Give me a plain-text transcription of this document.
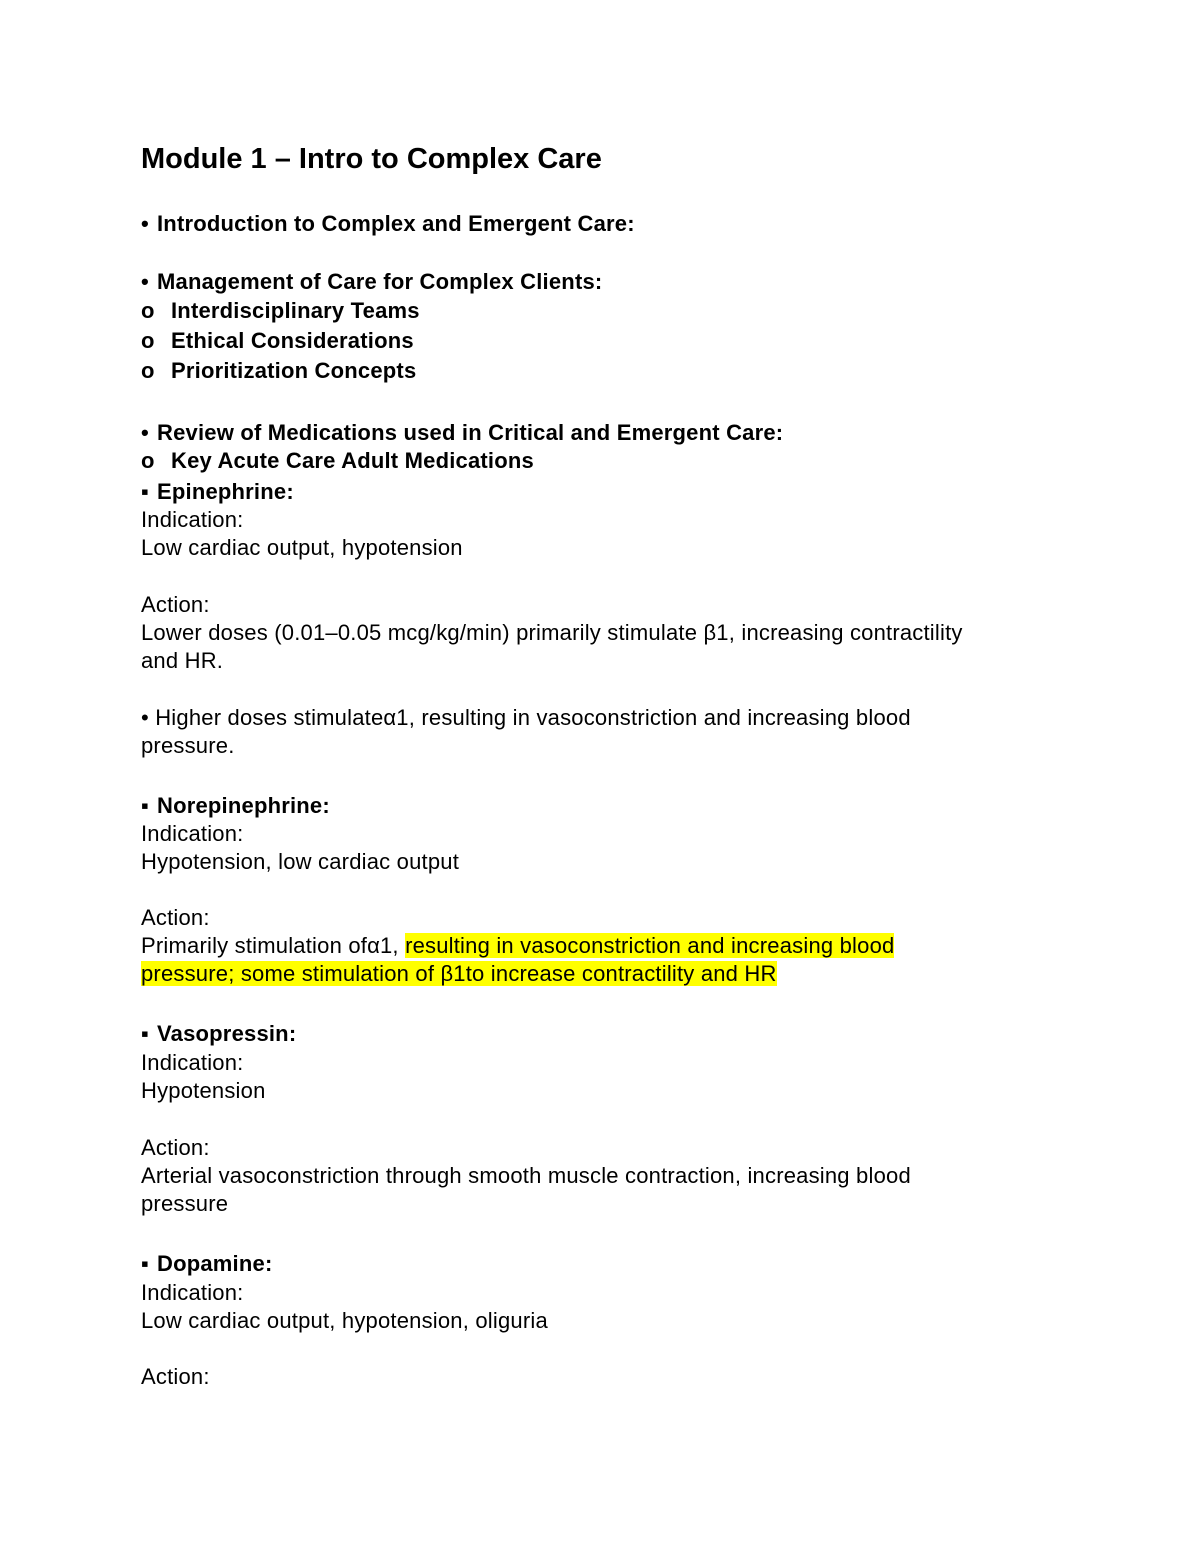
Module 1 – Intro to Complex Care
• Introduction to Complex and Emergent Care:
• Management of Care for Complex Clients:
o Interdisciplinary Teams
o Ethical Considerations
o Prioritization Concepts
• Review of Medications used in Critical and Emergent Care:
o Key Acute Care Adult Medications
▪ Epinephrine:
Indication:
Low cardiac output, hypotension
Action:
Lower doses (0.01–0.05 mcg/kg/min) primarily stimulate β1, increasing contractility
and HR.
• Higher doses stimulateα1, resulting in vasoconstriction and increasing blood
pressure.
▪ Norepinephrine:
Indication:
Hypotension, low cardiac output
Action:
Primarily stimulation ofα1, resulting in vasoconstriction and increasing blood
pressure; some stimulation of β1to increase contractility and HR
▪ Vasopressin:
Indication:
Hypotension
Action:
Arterial vasoconstriction through smooth muscle contraction, increasing blood
pressure
▪ Dopamine:
Indication:
Low cardiac output, hypotension, oliguria
Action:
